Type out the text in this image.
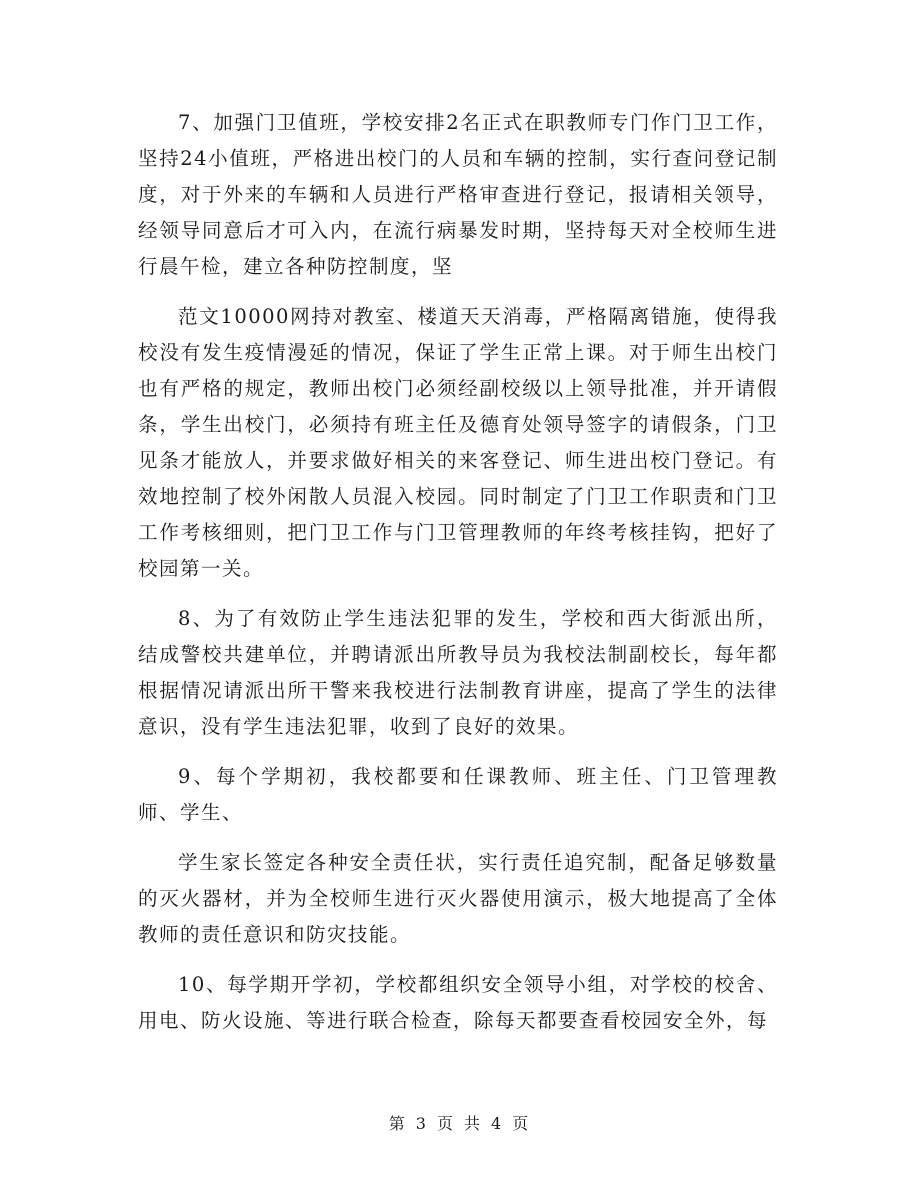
7、加强门卫值班，学校安排2名正式在职教师专门作门卫工作，坚持24小值班，严格进出校门的人员和车辆的控制，实行查问登记制度，对于外来的车辆和人员进行严格审查进行登记，报请相关领导，经领导同意后才可入内，在流行病暴发时期，坚持每天对全校师生进行晨午检，建立各种防控制度，坚

范文10000网持对教室、楼道天天消毒，严格隔离错施，使得我校没有发生疫情漫延的情况，保证了学生正常上课。对于师生出校门也有严格的规定，教师出校门必须经副校级以上领导批准，并开请假条，学生出校门，必须持有班主任及德育处领导签字的请假条，门卫见条才能放人，并要求做好相关的来客登记、师生进出校门登记。有效地控制了校外闲散人员混入校园。同时制定了门卫工作职责和门卫工作考核细则，把门卫工作与门卫管理教师的年终考核挂钩，把好了校园第一关。

8、为了有效防止学生违法犯罪的发生，学校和西大街派出所，结成警校共建单位，并聘请派出所教导员为我校法制副校长，每年都根据情况请派出所干警来我校进行法制教育讲座，提高了学生的法律意识，没有学生违法犯罪，收到了良好的效果。

9、每个学期初，我校都要和任课教师、班主任、门卫管理教师、学生、

学生家长签定各种安全责任状，实行责任追究制，配备足够数量的灭火器材，并为全校师生进行灭火器使用演示，极大地提高了全体教师的责任意识和防灾技能。

10、每学期开学初，学校都组织安全领导小组，对学校的校舍、用电、防火设施、等进行联合检查，除每天都要查看校园安全外，每

第 3 页 共 4 页
